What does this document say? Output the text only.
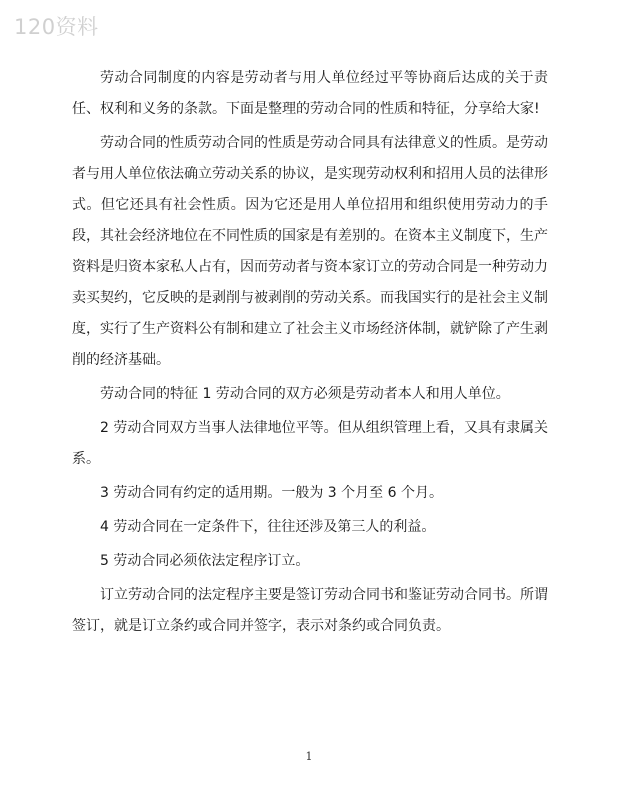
120资料

劳动合同制度的内容是劳动者与用人单位经过平等协商后达成的关于责任、权利和义务的条款。下面是整理的劳动合同的性质和特征，分享给大家!

劳动合同的性质劳动合同的性质是劳动合同具有法律意义的性质。是劳动者与用人单位依法确立劳动关系的协议，是实现劳动权利和招用人员的法律形式。但它还具有社会性质。因为它还是用人单位招用和组织使用劳动力的手段，其社会经济地位在不同性质的国家是有差别的。在资本主义制度下，生产资料是归资本家私人占有，因而劳动者与资本家订立的劳动合同是一种劳动力卖买契约，它反映的是剥削与被剥削的劳动关系。而我国实行的是社会主义制度，实行了生产资料公有制和建立了社会主义市场经济体制，就铲除了产生剥削的经济基础。

劳动合同的特征 1 劳动合同的双方必须是劳动者本人和用人单位。

2 劳动合同双方当事人法律地位平等。但从组织管理上看，又具有隶属关系。

3 劳动合同有约定的适用期。一般为 3 个月至 6 个月。

4 劳动合同在一定条件下，往往还涉及第三人的利益。

5 劳动合同必须依法定程序订立。

订立劳动合同的法定程序主要是签订劳动合同书和鉴证劳动合同书。所谓签订，就是订立条约或合同并签字，表示对条约或合同负责。

1
